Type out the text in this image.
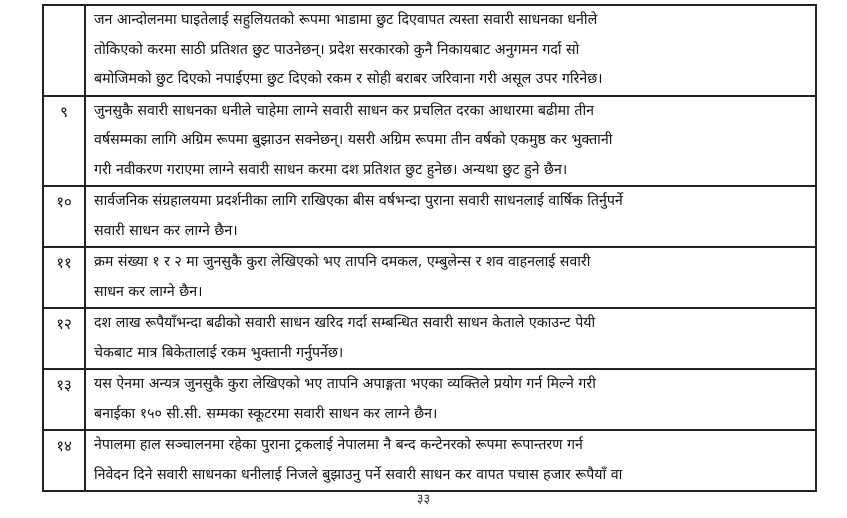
	जन आन्दोलनमा घाइतेलाई सहुलियतको रूपमा भाडामा छुट दिएवापत त्यस्ता सवारी साधनका धनीले
तोकिएको करमा साठी प्रतिशत छुट पाउनेछन्। प्रदेश सरकारको कुनै निकायबाट अनुगमन गर्दा सो
बमोजिमको छुट दिएको नपाईएमा छुट दिएको रकम र सोही बराबर जरिवाना गरी असूल उपर गरिनेछ।

९	जुनसुकै सवारी साधनका धनीले चाहेमा लाग्ने सवारी साधन कर प्रचलित दरका आधारमा बढीमा तीन
वर्षसम्मका लागि अग्रिम रूपमा बुझाउन सक्नेछन्। यसरी अग्रिम रूपमा तीन वर्षको एकमुष्ठ कर भुक्तानी
गरी नवीकरण गराएमा लाग्ने सवारी साधन करमा दश प्रतिशत छुट हुनेछ। अन्यथा छुट हुने छैन।

१०	सार्वजनिक संग्रहालयमा प्रदर्शनीका लागि राखिएका बीस वर्षभन्दा पुराना सवारी साधनलाई वार्षिक तिर्नुपर्ने
सवारी साधन कर लाग्ने छैन।

११	क्रम संख्या १ र २ मा जुनसुकै कुरा लेखिएको भए तापनि दमकल, एम्बुलेन्स र शव वाहनलाई सवारी
साधन कर लाग्ने छैन।

१२	दश लाख रूपैयाँभन्दा बढीको सवारी साधन खरिद गर्दा सम्बन्धित सवारी साधन केताले एकाउन्ट पेयी
चेकबाट मात्र बिकेतालाई रकम भुक्तानी गर्नुपर्नेछ।

१३	यस ऐनमा अन्यत्र जुनसुकै कुरा लेखिएको भए तापनि अपाङ्गता भएका व्यक्तिले प्रयोग गर्न मिल्ने गरी
बनाईका १५० सी.सी. सम्मका स्कूटरमा सवारी साधन कर लाग्ने छैन।

१४	नेपालमा हाल सञ्चालनमा रहेका पुराना ट्रकलाई नेपालमा नै बन्द कन्टेनरको रूपमा रूपान्तरण गर्न
निवेदन दिने सवारी साधनका धनीलाई निजले बुझाउनु पर्ने सवारी साधन कर वापत पचास हजार रूपैयाँ वा
३३
